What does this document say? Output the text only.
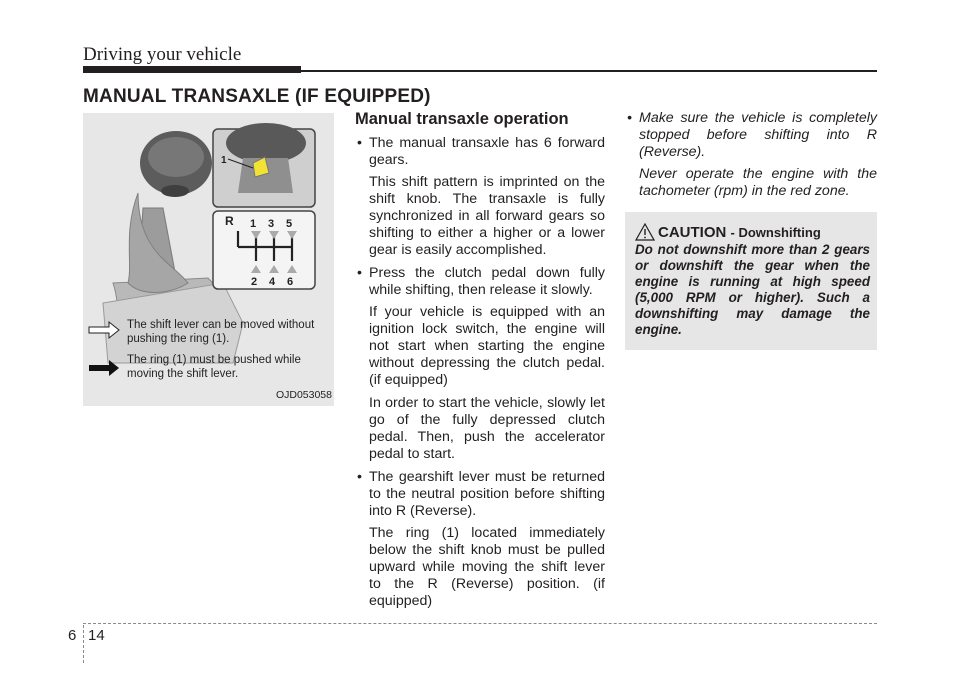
Driving your vehicle
MANUAL TRANSAXLE (IF EQUIPPED)
1
R 1 3 5
2 4 6
The shift lever can be moved without
pushing the ring (1).
The ring (1) must be pushed while
moving the shift lever.
OJD053058
Manual transaxle operation
• The manual transaxle has 6 forward gears.
This shift pattern is imprinted on the shift knob. The transaxle is fully synchronized in all forward gears so shifting to either a higher or a lower gear is easily accomplished.
• Press the clutch pedal down fully while shifting, then release it slowly.
If your vehicle is equipped with an ignition lock switch, the engine will not start when starting the engine without depressing the clutch pedal. (if equipped)
In order to start the vehicle, slowly let go of the fully depressed clutch pedal. Then, push the accelerator pedal to start.
• The gearshift lever must be returned to the neutral position before shifting into R (Reverse).
The ring (1) located immediately below the shift knob must be pulled upward while moving the shift lever to the R (Reverse) position. (if equipped)
• Make sure the vehicle is completely stopped before shifting into R (Reverse).
Never operate the engine with the tachometer (rpm) in the red zone.
CAUTION - Downshifting
Do not downshift more than 2 gears or downshift the gear when the engine is running at high speed (5,000 RPM or higher). Such a downshifting may damage the engine.
6 14
